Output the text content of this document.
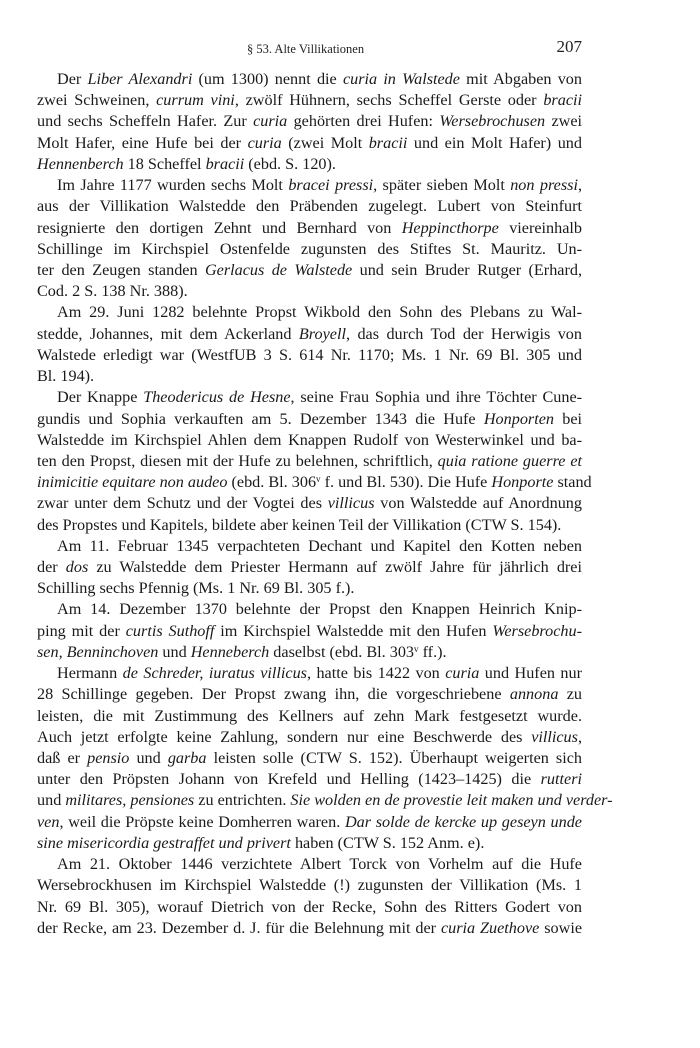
§ 53. Alte Villikationen	207
Der Liber Alexandri (um 1300) nennt die curia in Walstede mit Abgaben von
zwei Schweinen, currum vini, zwölf Hühnern, sechs Scheffel Gerste oder bracii
und sechs Scheffeln Hafer. Zur curia gehörten drei Hufen: Wersebrochusen zwei
Molt Hafer, eine Hufe bei der curia (zwei Molt bracii und ein Molt Hafer) und
Hennenberch 18 Scheffel bracii (ebd. S. 120).
Im Jahre 1177 wurden sechs Molt bracei pressi, später sieben Molt non pressi,
aus der Villikation Walstedde den Präbenden zugelegt. Lubert von Steinfurt
resignierte den dortigen Zehnt und Bernhard von Heppincthorpe viereinhalb
Schillinge im Kirchspiel Ostenfelde zugunsten des Stiftes St. Mauritz. Un-
ter den Zeugen standen Gerlacus de Walstede und sein Bruder Rutger (Erhard,
Cod. 2 S. 138 Nr. 388).
Am 29. Juni 1282 belehnte Propst Wikbold den Sohn des Plebans zu Wal-
stedde, Johannes, mit dem Ackerland Broyell, das durch Tod der Herwigis von
Walstede erledigt war (WestfUB 3 S. 614 Nr. 1170; Ms. 1 Nr. 69 Bl. 305 und
Bl. 194).
Der Knappe Theodericus de Hesne, seine Frau Sophia und ihre Töchter Cune-
gundis und Sophia verkauften am 5. Dezember 1343 die Hufe Honporten bei
Walstedde im Kirchspiel Ahlen dem Knappen Rudolf von Westerwinkel und ba-
ten den Propst, diesen mit der Hufe zu belehnen, schriftlich, quia ratione guerre et
inimicitie equitare non audeo (ebd. Bl. 306$^v$ f. und Bl. 530). Die Hufe Honporte stand
zwar unter dem Schutz und der Vogtei des villicus von Walstedde auf Anordnung
des Propstes und Kapitels, bildete aber keinen Teil der Villikation (CTW S. 154).
Am 11. Februar 1345 verpachteten Dechant und Kapitel den Kotten neben
der dos zu Walstedde dem Priester Hermann auf zwölf Jahre für jährlich drei
Schilling sechs Pfennig (Ms. 1 Nr. 69 Bl. 305 f.).
Am 14. Dezember 1370 belehnte der Propst den Knappen Heinrich Knip-
ping mit der curtis Suthoff im Kirchspiel Walstedde mit den Hufen Wersebrochu-
sen, Benninchoven und Henneberch daselbst (ebd. Bl. 303$^v$ ff.).
Hermann de Schreder, iuratus villicus, hatte bis 1422 von curia und Hufen nur
28 Schillinge gegeben. Der Propst zwang ihn, die vorgeschriebene annona zu
leisten, die mit Zustimmung des Kellners auf zehn Mark festgesetzt wurde.
Auch jetzt erfolgte keine Zahlung, sondern nur eine Beschwerde des villicus,
daß er pensio und garba leisten solle (CTW S. 152). Überhaupt weigerten sich
unter den Pröpsten Johann von Krefeld und Helling (1423–1425) die rutteri
und militares, pensiones zu entrichten. Sie wolden en de provestie leit maken und verder-
ven, weil die Pröpste keine Domherren waren. Dar solde de kercke up geseyn unde
sine misericordia gestraffet und privert haben (CTW S. 152 Anm. e).
Am 21. Oktober 1446 verzichtete Albert Torck von Vorhelm auf die Hufe
Wersebrockhusen im Kirchspiel Walstedde (!) zugunsten der Villikation (Ms. 1
Nr. 69 Bl. 305), worauf Dietrich von der Recke, Sohn des Ritters Godert von
der Recke, am 23. Dezember d. J. für die Belehnung mit der curia Zuethove sowie
